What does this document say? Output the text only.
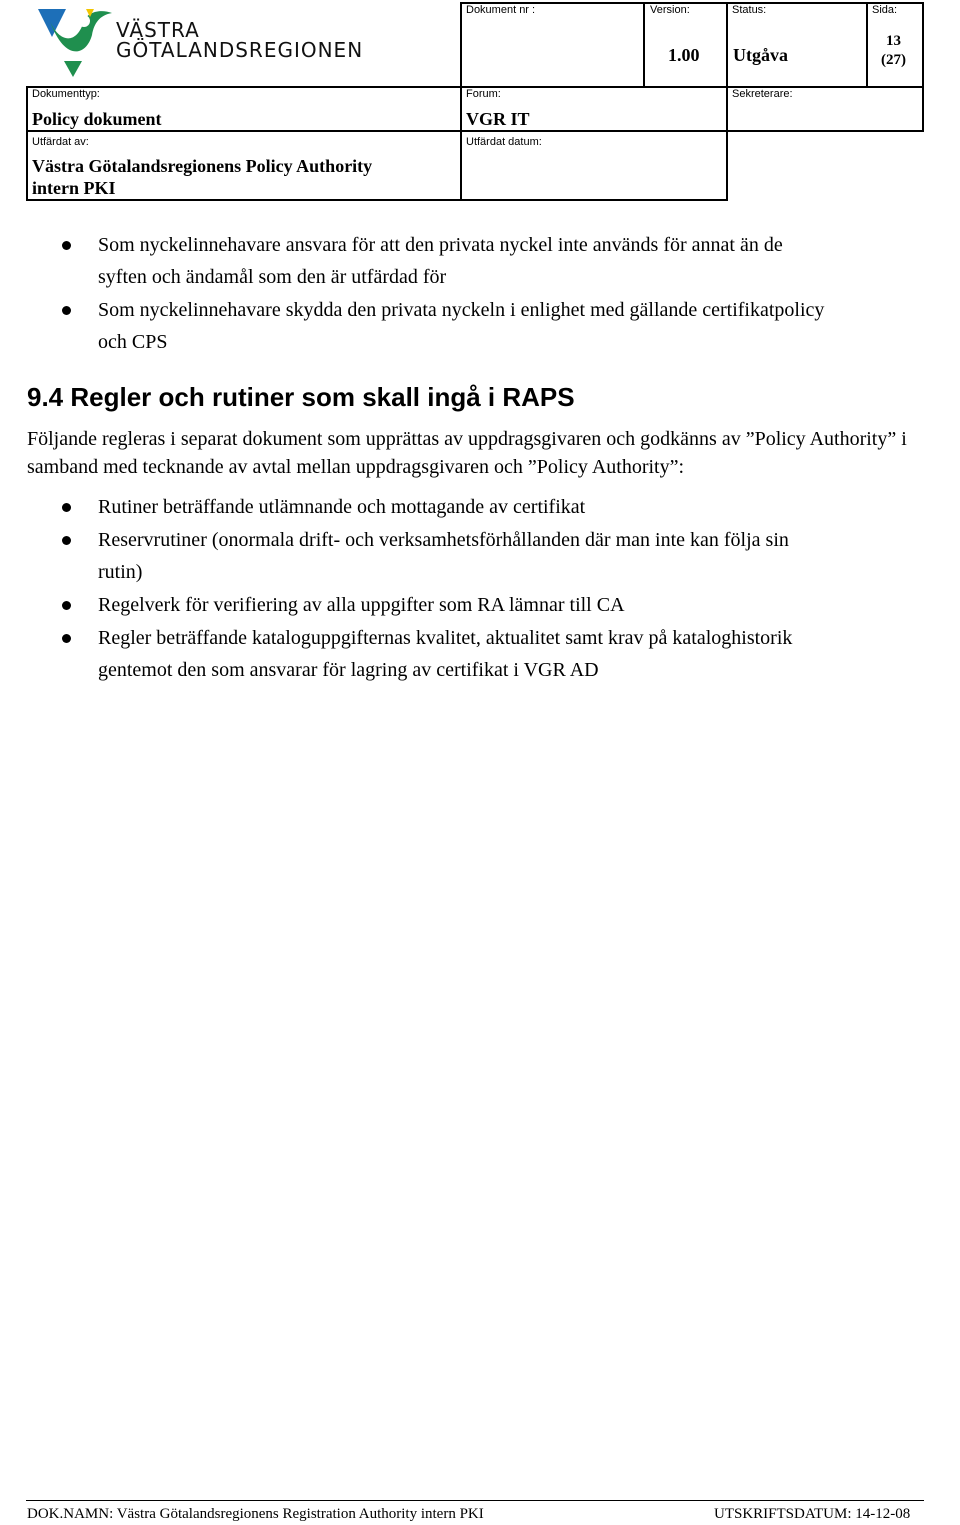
VÄSTRA
GÖTALANDSREGIONEN
Dokument nr :	Version:
1.00
Status:
Utgåva
Sida:
13
(27)
Dokumenttyp:
Policy dokument
Forum:
VGR IT
Sekreterare:
Utfärdat av:
Västra Götalandsregionens Policy Authority
intern PKI
Utfärdat datum:
Som nyckelinnehavare ansvara för att den privata nyckel inte används för annat än de
syften och ändamål som den är utfärdad för
Som nyckelinnehavare skydda den privata nyckeln i enlighet med gällande certifikatpolicy
och CPS
9.4 Regler och rutiner som skall ingå i RAPS
Följande regleras i separat dokument som upprättas av uppdragsgivaren och godkänns av ”Policy Authority” i samband med tecknande av avtal mellan uppdragsgivaren och ”Policy Authority”:
Rutiner beträffande utlämnande och mottagande av certifikat
Reservrutiner (onormala drift- och verksamhetsförhållanden där man inte kan följa sin
rutin)
Regelverk för verifiering av alla uppgifter som RA lämnar till CA
Regler beträffande kataloguppgifternas kvalitet, aktualitet samt krav på kataloghistorik
gentemot den som ansvarar för lagring av certifikat i VGR AD
DOK.NAMN: Västra Götalandsregionens Registration Authority intern PKI	UTSKRIFTSDATUM: 14-12-08
